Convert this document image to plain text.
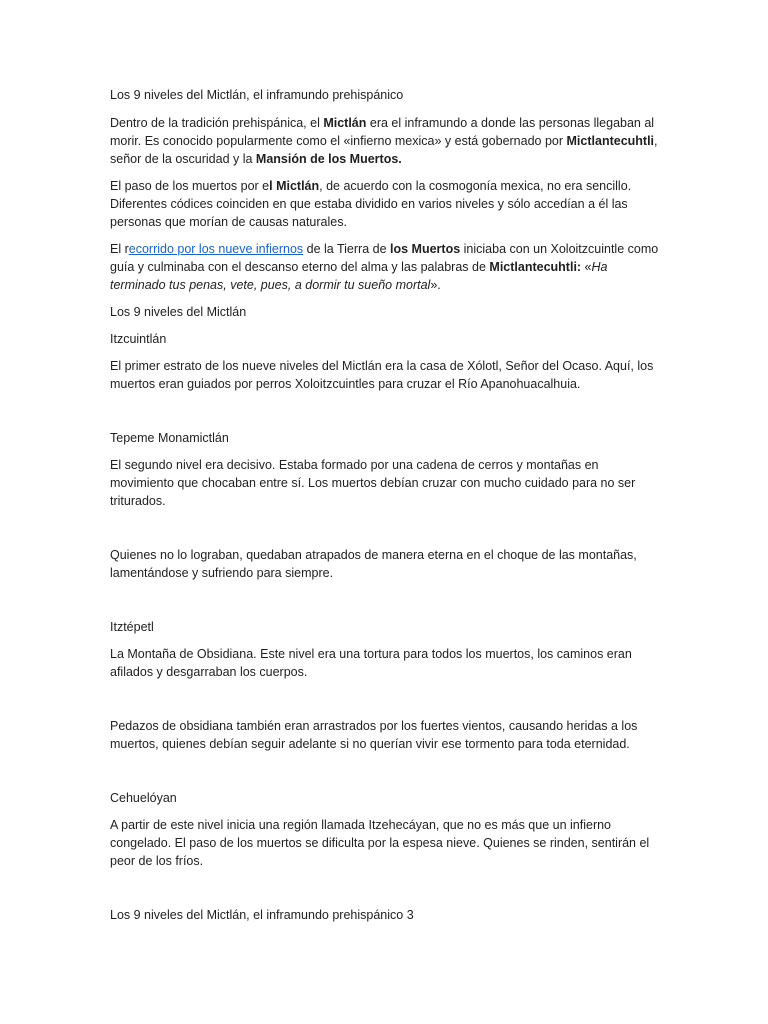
Los 9 niveles del Mictlán, el inframundo prehispánico

Dentro de la tradición prehispánica, el Mictlán era el inframundo a donde las personas llegaban al morir. Es conocido popularmente como el «infierno mexica» y está gobernado por Mictlantecuhtli, señor de la oscuridad y la Mansión de los Muertos.

El paso de los muertos por el Mictlán, de acuerdo con la cosmogonía mexica, no era sencillo. Diferentes códices coinciden en que estaba dividido en varios niveles y sólo accedían a él las personas que morían de causas naturales.

El recorrido por los nueve infiernos de la Tierra de los Muertos iniciaba con un Xoloitzcuintle como guía y culminaba con el descanso eterno del alma y las palabras de Mictlantecuhtli: «Ha terminado tus penas, vete, pues, a dormir tu sueño mortal».

Los 9 niveles del Mictlán

Itzcuintlán

El primer estrato de los nueve niveles del Mictlán era la casa de Xólotl, Señor del Ocaso. Aquí, los muertos eran guiados por perros Xoloitzcuintles para cruzar el Río Apanohuacalhuia.

Tepeme Monamictlán

El segundo nivel era decisivo. Estaba formado por una cadena de cerros y montañas en movimiento que chocaban entre sí. Los muertos debían cruzar con mucho cuidado para no ser triturados.

Quienes no lo lograban, quedaban atrapados de manera eterna en el choque de las montañas, lamentándose y sufriendo para siempre.

Itztépetl

La Montaña de Obsidiana. Este nivel era una tortura para todos los muertos, los caminos eran afilados y desgarraban los cuerpos.

Pedazos de obsidiana también eran arrastrados por los fuertes vientos, causando heridas a los muertos, quienes debían seguir adelante si no querían vivir ese tormento para toda eternidad.

Cehuelóyan

A partir de este nivel inicia una región llamada Itzehecáyan, que no es más que un infierno congelado. El paso de los muertos se dificulta por la espesa nieve. Quienes se rinden, sentirán el peor de los fríos.

Los 9 niveles del Mictlán, el inframundo prehispánico 3
